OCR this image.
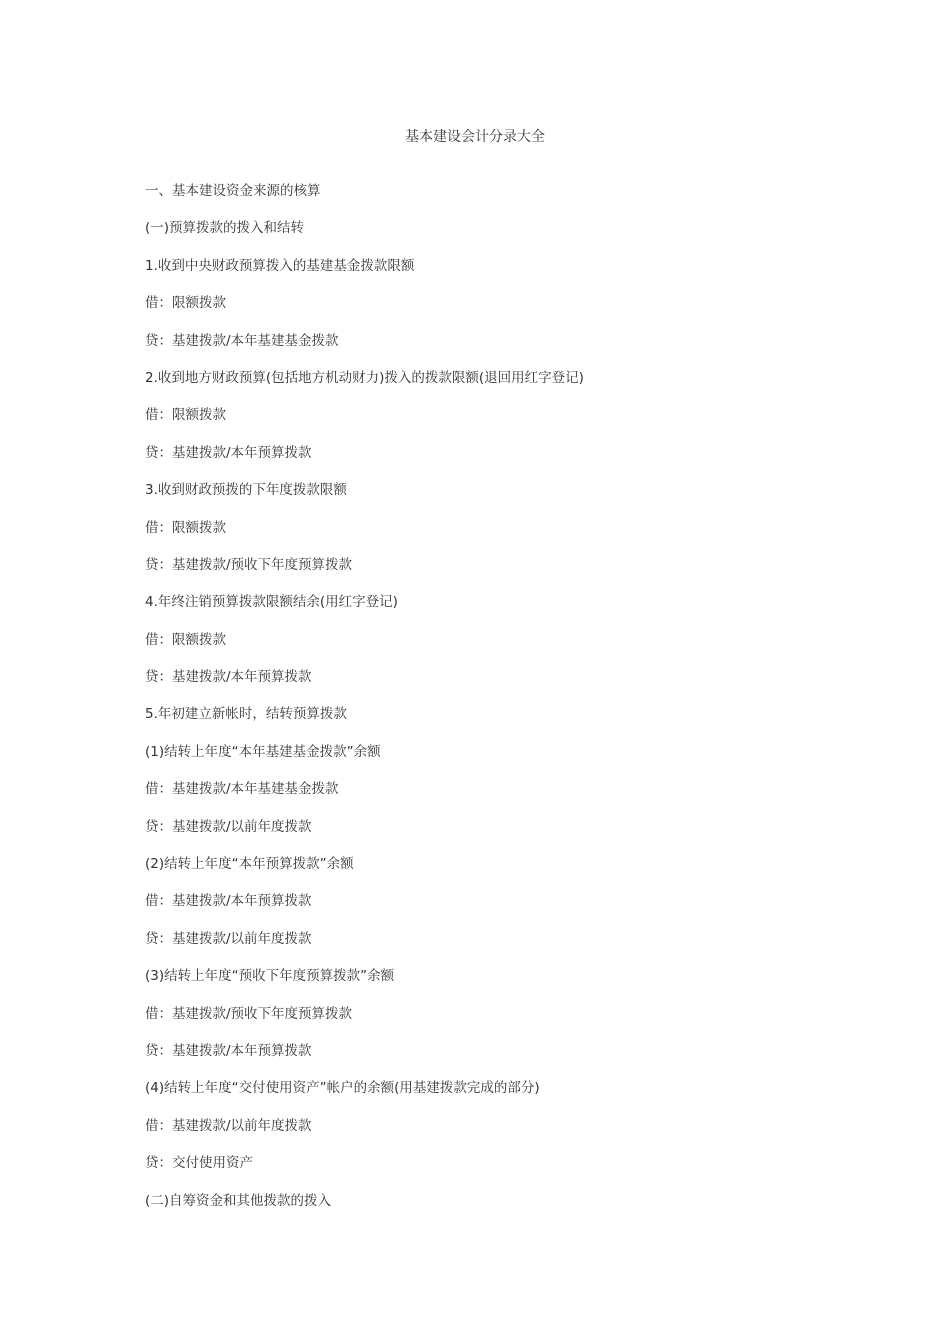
基本建设会计分录大全
一、基本建设资金来源的核算
(一)预算拨款的拨入和结转
1.收到中央财政预算拨入的基建基金拨款限额
借：限额拨款
贷：基建拨款/本年基建基金拨款
2.收到地方财政预算(包括地方机动财力)拨入的拨款限额(退回用红字登记)
借：限额拨款
贷：基建拨款/本年预算拨款
3.收到财政预拨的下年度拨款限额
借：限额拨款
贷：基建拨款/预收下年度预算拨款
4.年终注销预算拨款限额结余(用红字登记)
借：限额拨款
贷：基建拨款/本年预算拨款
5.年初建立新帐时，结转预算拨款
(1)结转上年度“本年基建基金拨款”余额
借：基建拨款/本年基建基金拨款
贷：基建拨款/以前年度拨款
(2)结转上年度“本年预算拨款”余额
借：基建拨款/本年预算拨款
贷：基建拨款/以前年度拨款
(3)结转上年度“预收下年度预算拨款”余额
借：基建拨款/预收下年度预算拨款
贷：基建拨款/本年预算拨款
(4)结转上年度“交付使用资产”帐户的余额(用基建拨款完成的部分)
借：基建拨款/以前年度拨款
贷：交付使用资产
(二)自筹资金和其他拨款的拨入
